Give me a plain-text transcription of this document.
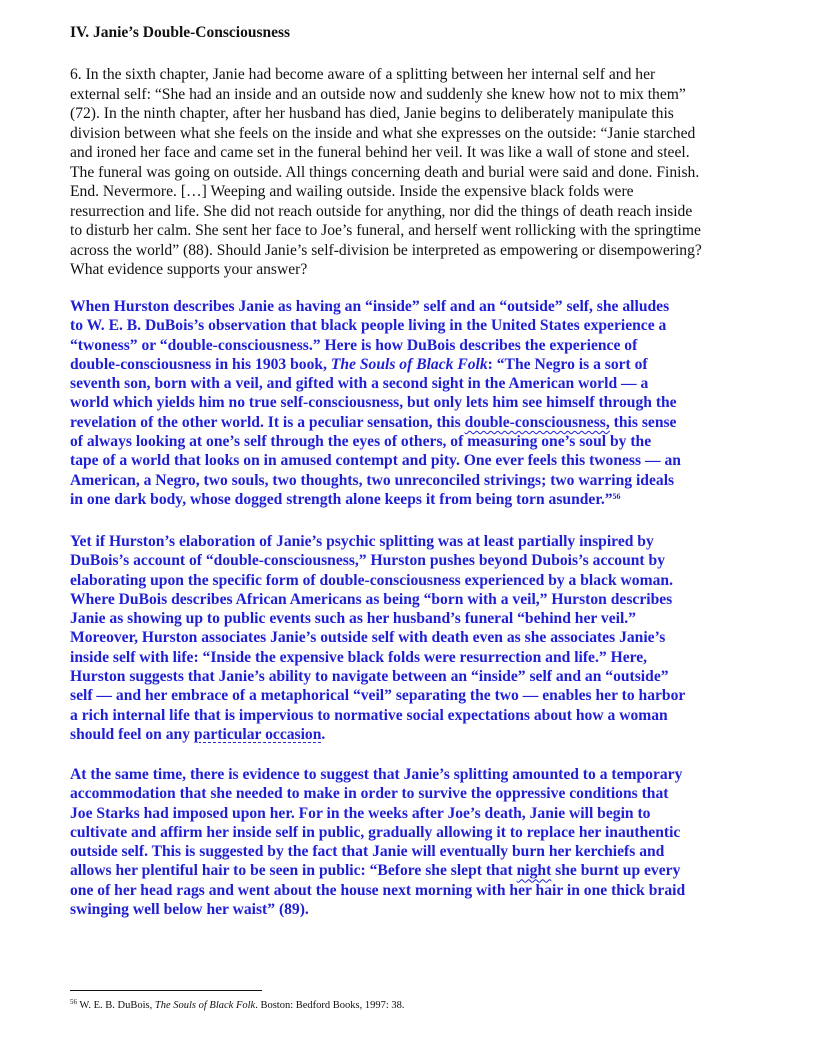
IV. Janie’s Double-Consciousness
6. In the sixth chapter, Janie had become aware of a splitting between her internal self and her
external self: “She had an inside and an outside now and suddenly she knew how not to mix them”
(72). In the ninth chapter, after her husband has died, Janie begins to deliberately manipulate this
division between what she feels on the inside and what she expresses on the outside: “Janie starched
and ironed her face and came set in the funeral behind her veil. It was like a wall of stone and steel.
The funeral was going on outside. All things concerning death and burial were said and done. Finish.
End. Nevermore. […] Weeping and wailing outside. Inside the expensive black folds were
resurrection and life. She did not reach outside for anything, nor did the things of death reach inside
to disturb her calm. She sent her face to Joe’s funeral, and herself went rollicking with the springtime
across the world” (88). Should Janie’s self-division be interpreted as empowering or disempowering?
What evidence supports your answer?
When Hurston describes Janie as having an “inside” self and an “outside” self, she alludes
to W. E. B. DuBois’s observation that black people living in the United States experience a
“twoness” or “double-consciousness.” Here is how DuBois describes the experience of
double-consciousness in his 1903 book, The Souls of Black Folk: “The Negro is a sort of
seventh son, born with a veil, and gifted with a second sight in the American world — a
world which yields him no true self-consciousness, but only lets him see himself through the
revelation of the other world. It is a peculiar sensation, this double-consciousness, this sense
of always looking at one’s self through the eyes of others, of measuring one’s soul by the
tape of a world that looks on in amused contempt and pity. One ever feels this twoness — an
American, a Negro, two souls, two thoughts, two unreconciled strivings; two warring ideals
in one dark body, whose dogged strength alone keeps it from being torn asunder.”$^{56}$
Yet if Hurston’s elaboration of Janie’s psychic splitting was at least partially inspired by
DuBois’s account of “double-consciousness,” Hurston pushes beyond Dubois’s account by
elaborating upon the specific form of double-consciousness experienced by a black woman.
Where DuBois describes African Americans as being “born with a veil,” Hurston describes
Janie as showing up to public events such as her husband’s funeral “behind her veil.”
Moreover, Hurston associates Janie’s outside self with death even as she associates Janie’s
inside self with life: “Inside the expensive black folds were resurrection and life.” Here,
Hurston suggests that Janie’s ability to navigate between an “inside” self and an “outside”
self — and her embrace of a metaphorical “veil” separating the two — enables her to harbor
a rich internal life that is impervious to normative social expectations about how a woman
should feel on any particular occasion.
At the same time, there is evidence to suggest that Janie’s splitting amounted to a temporary
accommodation that she needed to make in order to survive the oppressive conditions that
Joe Starks had imposed upon her. For in the weeks after Joe’s death, Janie will begin to
cultivate and affirm her inside self in public, gradually allowing it to replace her inauthentic
outside self. This is suggested by the fact that Janie will eventually burn her kerchiefs and
allows her plentiful hair to be seen in public: “Before she slept that night she burnt up every
one of her head rags and went about the house next morning with her hair in one thick braid
swinging well below her waist” (89).
$^{56}$ W. E. B. DuBois, The Souls of Black Folk. Boston: Bedford Books, 1997: 38.
